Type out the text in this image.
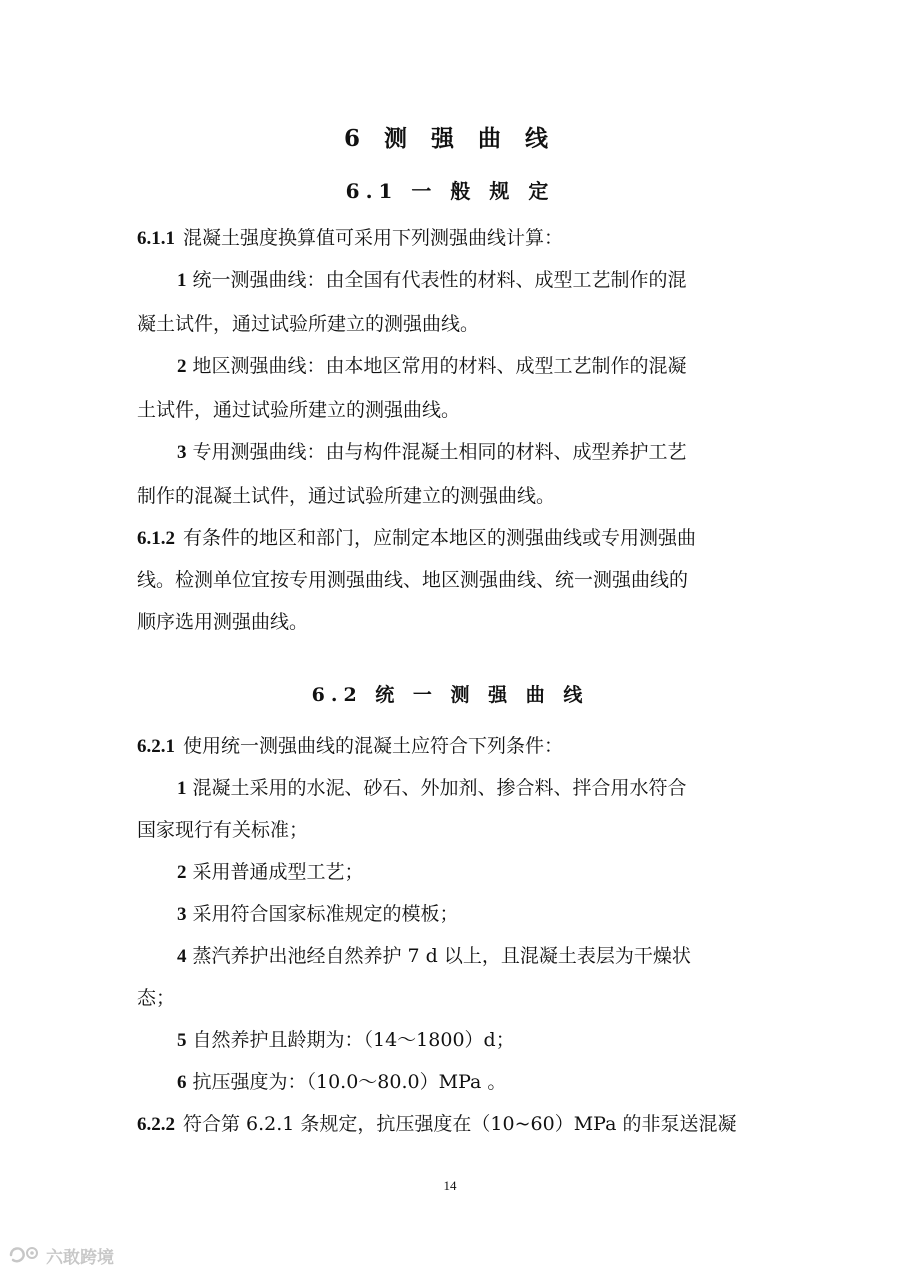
6 测 强 曲 线
6.1 一 般 规 定
6.1.1 混凝土强度换算值可采用下列测强曲线计算：
1 统一测强曲线：由全国有代表性的材料、成型工艺制作的混
凝土试件，通过试验所建立的测强曲线。
2 地区测强曲线：由本地区常用的材料、成型工艺制作的混凝
土试件，通过试验所建立的测强曲线。
3 专用测强曲线：由与构件混凝土相同的材料、成型养护工艺
制作的混凝土试件，通过试验所建立的测强曲线。
6.1.2 有条件的地区和部门，应制定本地区的测强曲线或专用测强曲
线。检测单位宜按专用测强曲线、地区测强曲线、统一测强曲线的
顺序选用测强曲线。
6.2 统 一 测 强 曲 线
6.2.1 使用统一测强曲线的混凝土应符合下列条件：
1 混凝土采用的水泥、砂石、外加剂、掺合料、拌合用水符合
国家现行有关标准；
2 采用普通成型工艺；
3 采用符合国家标准规定的模板；
4 蒸汽养护出池经自然养护 7 d 以上，且混凝土表层为干燥状
态；
5 自然养护且龄期为：（14～1800）d；
6 抗压强度为：（10.0～80.0）MPa 。
6.2.2 符合第 6.2.1 条规定，抗压强度在（10~60）MPa 的非泵送混凝
14
六敢跨境
